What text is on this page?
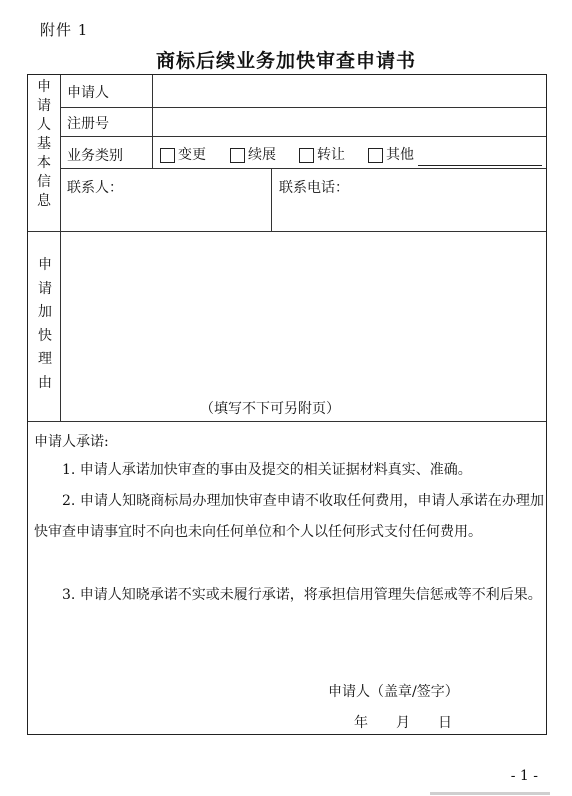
附件 1
商标后续业务加快审查申请书
申请人基本信息
申请人
注册号
业务类别	变更	续展	转让	其他
联系人：	联系电话：
申请加快理由
（填写不下可另附页）
申请人承诺:
1. 申请人承诺加快审查的事由及提交的相关证据材料真实、准确。
2. 申请人知晓商标局办理加快审查申请不收取任何费用，申请人承诺在办理加快审查申请事宜时不向也未向任何单位和个人以任何形式支付任何费用。
3. 申请人知晓承诺不实或未履行承诺，将承担信用管理失信惩戒等不利后果。
申请人（盖章/签字）
年　　月　　日
- 1 -
